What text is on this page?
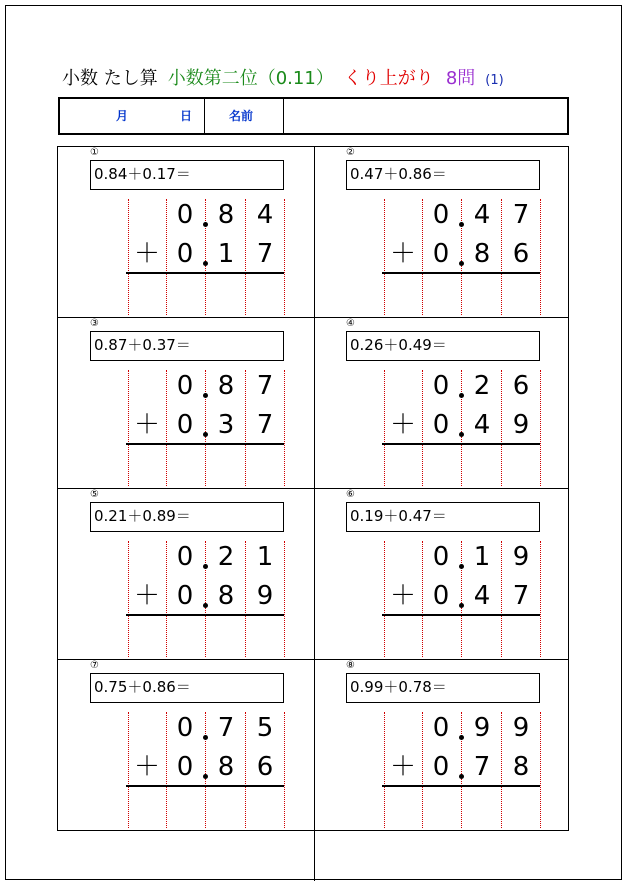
小数 たし算 小数第二位（0.11） くり上がり 8問 (1)
月	日	名前
①
0.84＋0.17＝
0 8 4
0 1 7
＋
②
0.47＋0.86＝
0 4 7
0 8 6
＋
③
0.87＋0.37＝
0 8 7
0 3 7
＋
④
0.26＋0.49＝
0 2 6
0 4 9
＋
⑤
0.21＋0.89＝
0 2 1
0 8 9
＋
⑥
0.19＋0.47＝
0 1 9
0 4 7
＋
⑦
0.75＋0.86＝
0 7 5
0 8 6
＋
⑧
0.99＋0.78＝
0 9 9
0 7 8
＋
